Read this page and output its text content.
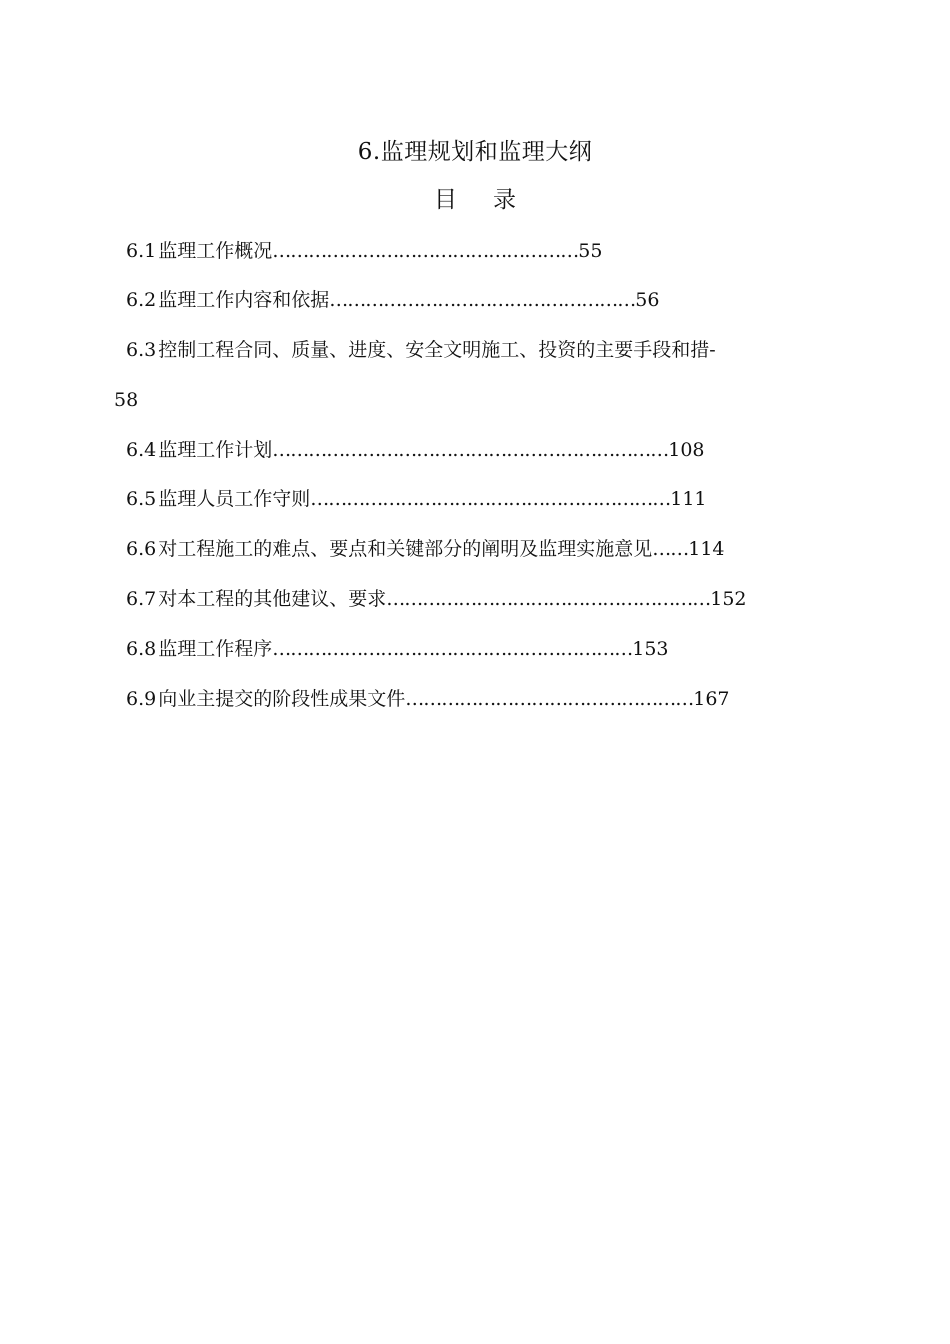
6.监理规划和监理大纲
目 录
6.1 监理工作概况……………………………………………55
6.2 监理工作内容和依据……………………………………………56
6.3 控制工程合同、质量、进度、安全文明施工、投资的主要手段和措-
58
6.4 监理工作计划…………………………………………………………108
6.5 监理人员工作守则……………………………………………………111
6.6 对工程施工的难点、要点和关键部分的阐明及监理实施意见……114
6.7 对本工程的其他建议、要求………………………………………………152
6.8 监理工作程序……………………………………………………153
6.9 向业主提交的阶段性成果文件…………………………………………167
